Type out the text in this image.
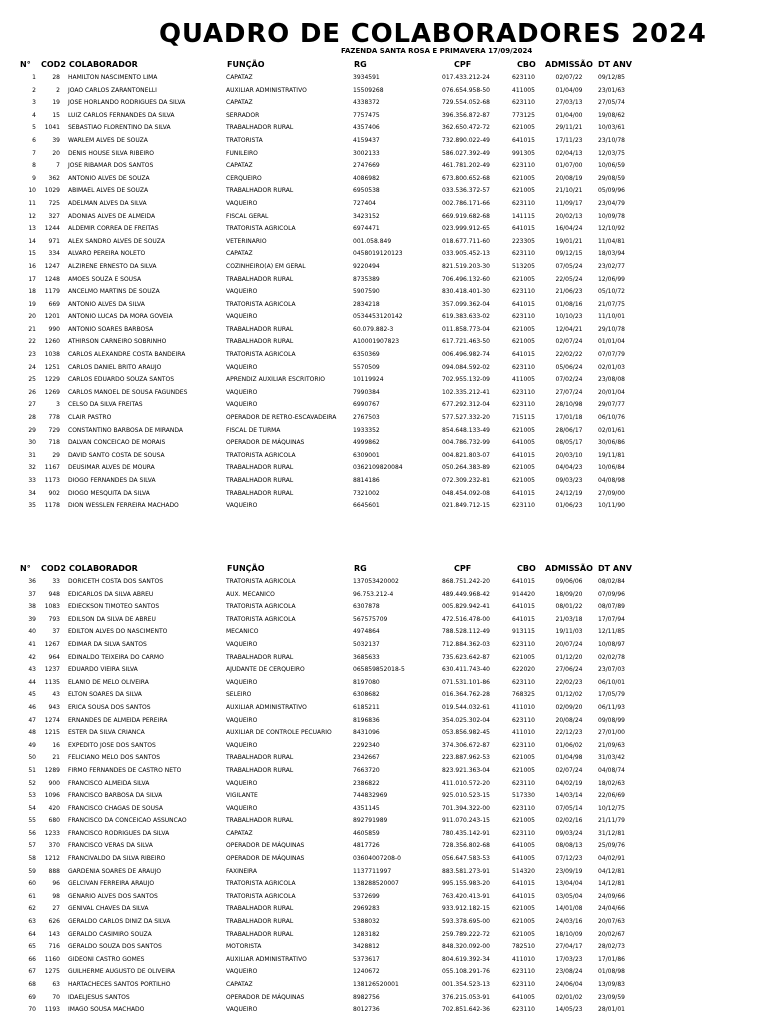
QUADRO DE COLABORADORES 2024
FAZENDA SANTA ROSA E PRIMAVERA 17/09/2024
N°	COD2 COLABORADOR	FUNÇÃO	RG	CPF	CBO	ADMISSÃO DT ANV
1	28 HAMILTON NASCIMENTO LIMA	CAPATAZ	3934591	017.433.212-24	623110	02/07/22	09/12/85
2	2 JOAO CARLOS ZARANTONELLI	AUXILIAR ADMINISTRATIVO	15509268	076.654.958-50	411005	01/04/09	23/01/63
3	19 JOSE HORLANDO RODRIGUES DA SILVA	CAPATAZ	4338372	729.554.052-68	623110	27/03/13	27/05/74
4	15 LUIZ CARLOS FERNANDES DA SILVA	SERRADOR	7757475	396.356.872-87	773125	01/04/00	19/08/62
5	1041 SEBASTIAO FLORENTINO DA SILVA	TRABALHADOR RURAL	4357406	362.650.472-72	621005	29/11/21	10/03/61
6	39 WARLEM ALVES DE SOUZA	TRATORISTA	4159437	732.890.022-49	641015	17/11/23	23/10/78
7	20 DENIS HOUSE SILVA RIBEIRO	FUNILEIRO	3002133	586.027.392-49	991305	02/04/13	12/03/75
8	7 JOSE RIBAMAR DOS SANTOS	CAPATAZ	2747669	461.781.202-49	623110	01/07/00	10/06/59
9	362 ANTONIO ALVES DE SOUZA	CERQUEIRO	4086982	673.800.652-68	621005	20/08/19	29/08/59
10	1029 ABIMAEL ALVES DE SOUZA	TRABALHADOR RURAL	6950538	033.536.372-57	621005	21/10/21	05/09/96
11	725 ADELMAN ALVES DA SILVA	VAQUEIRO	727404	002.786.171-66	623110	11/09/17	23/04/79
12	327 ADONIAS ALVES DE ALMEIDA	FISCAL GERAL	3423152	669.919.682-68	141115	20/02/13	10/09/78
13	1244 ALDEMIR CORREA DE FREITAS	TRATORISTA AGRICOLA	6974471	023.999.912-65	641015	16/04/24	12/10/92
14	971 ALEX SANDRO ALVES DE SOUZA	VETERINARIO	001.058.849	018.677.711-60	223305	19/01/21	11/04/81
15	334 ALVARO PEREIRA NOLETO	CAPATAZ	0458019120123	033.905.452-13	623110	09/12/15	18/03/94
16	1247 ALZIRENE ERNESTO DA SILVA	COZINHEIRO(A) EM GERAL	9220494	821.519.203-30	513205	07/05/24	23/02/77
17	1248 AMOES SOUZA E SOUSA	TRABALHADOR RURAL	8735389	706.496.132-60	621005	22/05/24	12/06/99
18	1179 ANCELMO MARTINS DE SOUZA	VAQUEIRO	5907590	830.418.401-30	623110	21/06/23	05/10/72
19	669 ANTONIO ALVES DA SILVA	TRATORISTA AGRICOLA	2834218	357.099.362-04	641015	01/08/16	21/07/75
20	1201 ANTONIO LUCAS DA MORA GOVEIA	VAQUEIRO	0534453120142	619.383.633-02	623110	10/10/23	11/10/01
21	990 ANTONIO SOARES BARBOSA	TRABALHADOR RURAL	60.079.882-3	011.858.773-04	621005	12/04/21	29/10/78
22	1260 ATHIRSON CARNEIRO SOBRINHO	TRABALHADOR RURAL	A10001907823	617.721.463-50	621005	02/07/24	01/01/04
23	1038 CARLOS ALEXANDRE COSTA BANDEIRA	TRATORISTA AGRICOLA	6350369	006.496.982-74	641015	22/02/22	07/07/79
24	1251 CARLOS DANIEL BRITO ARAUJO	VAQUEIRO	5570509	094.084.592-02	623110	05/06/24	02/01/03
25	1229 CARLOS EDUARDO SOUZA SANTOS	APRENDIZ AUXILIAR ESCRITORIO	10119924	702.955.132-09	411005	07/02/24	23/08/08
26	1269 CARLOS MANOEL DE SOUSA FAGUNDES	VAQUEIRO	7990384	102.335.212-41	623110	27/07/24	20/01/04
27	3 CELSO DA SILVA FREITAS	VAQUEIRO	6990767	677.292.312-04	623110	28/10/98	29/07/77
28	778 CLAIR PASTRO	OPERADOR DE RETRO-ESCAVADEIRA	2767503	577.527.332-20	715115	17/01/18	06/10/76
29	729 CONSTANTINO BARBOSA DE MIRANDA	FISCAL DE TURMA	1933352	854.648.133-49	621005	28/06/17	02/01/61
30	718 DALVAN CONCEICAO DE MORAIS	OPERADOR DE MÁQUINAS	4999862	004.786.732-99	641005	08/05/17	30/06/86
31	29 DAVID SANTO COSTA DE SOUSA	TRATORISTA AGRICOLA	6309001	004.821.803-07	641015	20/03/10	19/11/81
32	1167 DEUSIMAR ALVES DE MOURA	TRABALHADOR RURAL	0362109820084	050.264.383-89	621005	04/04/23	10/06/84
33	1173 DIOGO FERNANDES DA SILVA	TRABALHADOR RURAL	8814186	072.309.232-81	621005	09/03/23	04/08/98
34	902 DIOGO MESQUITA DA SILVA	TRABALHADOR RURAL	7321002	048.454.092-08	641015	24/12/19	27/09/00
35	1178 DION WESSLEN FERREIRA MACHADO	VAQUEIRO	6645601	021.849.712-15	623110	01/06/23	10/11/90
N°	COD2 COLABORADOR	FUNÇÃO	RG	CPF	CBO	ADMISSÃO DT ANV
36	33 DORICETH COSTA DOS SANTOS	TRATORISTA AGRICOLA	137053420002	868.751.242-20	641015	09/06/06	08/02/84
37	948 EDICARLOS DA SILVA ABREU	AUX. MECANICO	96.753.212-4	489.449.968-42	914420	18/09/20	07/09/96
38	1083 EDIECKSON TIMOTEO SANTOS	TRATORISTA AGRICOLA	6307878	005.829.942-41	641015	08/01/22	08/07/89
39	793 EDILSON DA SILVA DE ABREU	TRATORISTA AGRICOLA	567575709	472.516.478-00	641015	21/03/18	17/07/94
40	37 EDILTON ALVES DO NASCIMENTO	MECANICO	4974864	788.528.112-49	913115	19/11/03	12/11/85
41	1267 EDIMAR DA SILVA SANTOS	VAQUEIRO	5032137	712.884.362-03	623110	20/07/24	10/08/97
42	964 EDINALDO TEIXEIRA DO CARMO	TRABALHADOR RURAL	3685633	735.623.642-87	621005	01/12/20	02/02/78
43	1237 EDUARDO VIEIRA SILVA	AJUDANTE DE CERQUEIRO	065859852018-5	630.411.743-40	622020	27/06/24	23/07/03
44	1135 ELANIO DE MELO OLIVEIRA	VAQUEIRO	8197080	071.531.101-86	623110	22/02/23	06/10/01
45	43 ELTON SOARES DA SILVA	SELEIRO	6308682	016.364.762-28	768325	01/12/02	17/05/79
46	943 ERICA SOUSA DOS SANTOS	AUXILIAR ADMINISTRATIVO	6185211	019.544.032-61	411010	02/09/20	06/11/93
47	1274 ERNANDES DE ALMEIDA PEREIRA	VAQUEIRO	8196836	354.025.302-04	623110	20/08/24	09/08/99
48	1215 ESTER DA SILVA CRIANCA	AUXILIAR DE CONTROLE PECUARIO	8431096	053.856.982-45	411010	22/12/23	27/01/00
49	16 EXPEDITO JOSE DOS SANTOS	VAQUEIRO	2292340	374.306.672-87	623110	01/06/02	21/09/63
50	21 FELICIANO MELO DOS SANTOS	TRABALHADOR RURAL	2342667	223.887.962-53	621005	01/04/98	31/03/42
51	1289 FIRMO FERNANDES DE CASTRO NETO	TRABALHADOR RURAL	7663720	823.921.363-04	621005	02/07/24	04/08/74
52	900 FRANCISCO ALMEIDA SILVA	VAQUEIRO	2386822	411.010.572-20	623110	04/02/19	18/02/63
53	1096 FRANCISCO BARBOSA DA SILVA	VIGILANTE	744832969	925.010.523-15	517330	14/03/14	22/06/69
54	420 FRANCISCO CHAGAS DE SOUSA	VAQUEIRO	4351145	701.394.322-00	623110	07/05/14	10/12/75
55	680 FRANCISCO DA CONCEICAO ASSUNCAO	TRABALHADOR RURAL	892791989	911.070.243-15	621005	02/02/16	21/11/79
56	1233 FRANCISCO RODRIGUES DA SILVA	CAPATAZ	4605859	780.435.142-91	623110	09/03/24	31/12/81
57	370 FRANCISCO VERAS DA SILVA	OPERADOR DE MÁQUINAS	4817726	728.356.802-68	641005	08/08/13	25/09/76
58	1212 FRANCIVALDO DA SILVA RIBEIRO	OPERADOR DE MÁQUINAS	03604007208-0	056.647.583-53	641005	07/12/23	04/02/91
59	888 GARDENIA SOARES DE ARAUJO	FAXINEIRA	1137711997	883.581.273-91	514320	23/09/19	04/12/81
60	96 GELCIVAN FERREIRA ARAUJO	TRATORISTA AGRICOLA	138288520007	995.155.983-20	641015	13/04/04	14/12/81
61	98 GENARIO ALVES DOS SANTOS	TRATORISTA AGRICOLA	5372699	763.420.413-91	641015	03/05/04	24/09/66
62	27 GENIVAL CHAVES DA SILVA	TRABALHADOR RURAL	2969283	933.912.182-15	621005	14/01/08	24/04/66
63	626 GERALDO CARLOS DINIZ DA SILVA	TRABALHADOR RURAL	5388032	593.378.695-00	621005	24/03/16	20/07/63
64	143 GERALDO CASIMIRO SOUZA	TRABALHADOR RURAL	1283182	259.789.222-72	621005	18/10/09	20/02/67
65	716 GERALDO SOUZA DOS SANTOS	MOTORISTA	3428812	848.320.092-00	782510	27/04/17	28/02/73
66	1160 GIDEONI CASTRO GOMES	AUXILIAR ADMINISTRATIVO	5373617	804.619.392-34	411010	17/03/23	17/01/86
67	1275 GUILHERME AUGUSTO DE OLIVEIRA	VAQUEIRO	1240672	055.108.291-76	623110	23/08/24	01/08/98
68	63 HARTACHECES SANTOS PORTILHO	CAPATAZ	138126520001	001.354.523-13	623110	24/06/04	13/09/83
69	70 IDAELJESUS SANTOS	OPERADOR DE MÁQUINAS	8982756	376.215.053-91	641005	02/01/02	23/09/59
70	1193 IMAGO SOUSA MACHADO	VAQUEIRO	8012736	702.851.642-36	623110	14/05/23	28/01/01
